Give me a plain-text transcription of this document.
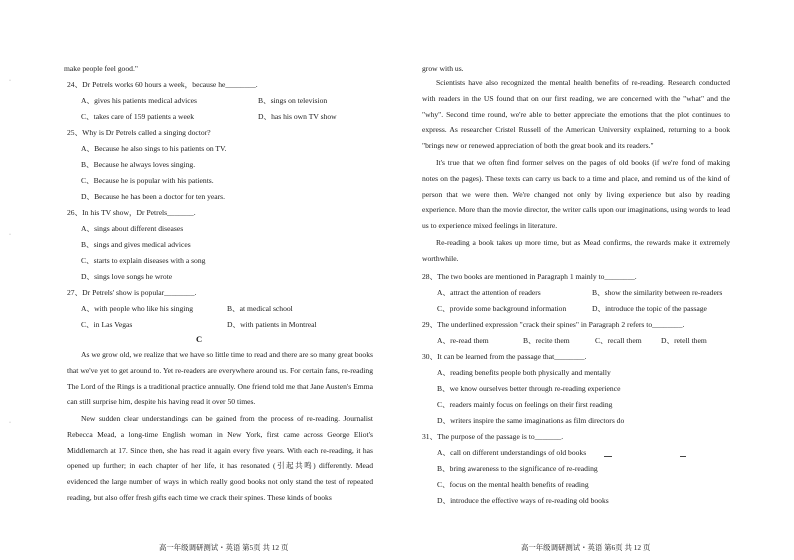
·
·
·
make people feel good."
24、Dr Petrels works 60 hours a week，because he________.
A、gives his patients medical advices	B、sings on television
C、takes care of 159 patients a week	D、has his own TV show
25、Why is Dr Petrels called a singing doctor?
A、Because he also sings to his patients on TV.
B、Because he always loves singing.
C、Because he is popular with his patients.
D、Because he has been a doctor for ten years.
26、In his TV show，Dr Petrels_______.
A、sings about different diseases
B、sings and gives medical advices
C、starts to explain diseases with a song
D、sings love songs he wrote
27、Dr Petrels' show is popular________.
A、with people who like his singing	B、at medical school
C、in Las Vegas	D、with patients in Montreal
C
As we grow old, we realize that we have so little time to read and there are so many great books that we've yet to get around to. Yet re-readers are everywhere around us. For certain fans, re-reading The Lord of the Rings is a traditional practice annually. One friend told me that Jane Austen's Emma can still surprise him, despite his having read it over 50 times.
New sudden clear understandings can be gained from the process of re-reading. Journalist Rebecca Mead, a long-time English woman in New York, first came across George Eliot's Middlemarch at 17. Since then, she has read it again every five years. With each re-reading, it has opened up further; in each chapter of her life, it has resonated (引起共鸣) differently. Mead evidenced the large number of ways in which really good books not only stand the test of repeated reading, but also offer fresh gifts each time we crack their spines. These kinds of books
高一年级调研测试・英语 第5页 共 12 页
grow with us.
Scientists have also recognized the mental health benefits of re-reading. Research conducted with readers in the US found that on our first reading, we are concerned with the "what" and the "why". Second time round, we're able to better appreciate the emotions that the plot continues to express. As researcher Cristel Russell of the American University explained, returning to a book "brings new or renewed appreciation of both the great book and its readers."
It's true that we often find former selves on the pages of old books (if we're fond of making notes on the pages). These texts can carry us back to a time and place, and remind us of the kind of person that we were then. We're changed not only by living experience but also by reading experience. More than the movie director, the writer calls upon our imaginations, using words to lead us to experience mixed feelings in literature.
Re-reading a book takes up more time, but as Mead confirms, the rewards make it extremely worthwhile.
28、The two books are mentioned in Paragraph 1 mainly to________.
A、attract the attention of readers	B、show the similarity between re-readers
C、provide some background information	D、introduce the topic of the passage
29、The underlined expression "crack their spines" in Paragraph 2 refers to________.
A、re-read them	B、recite them	C、recall them	D、retell them
30、It can be learned from the passage that________.
A、reading benefits people both physically and mentally
B、we know ourselves better through re-reading experience
C、readers mainly focus on feelings on their first reading
D、writers inspire the same imaginations as film directors do
31、The purpose of the passage is to_______.
A、call on different understandings of old books
B、bring awareness to the significance of re-reading
C、focus on the mental health benefits of reading
D、introduce the effective ways of re-reading old books
高一年级调研测试・英语 第6页 共 12 页
